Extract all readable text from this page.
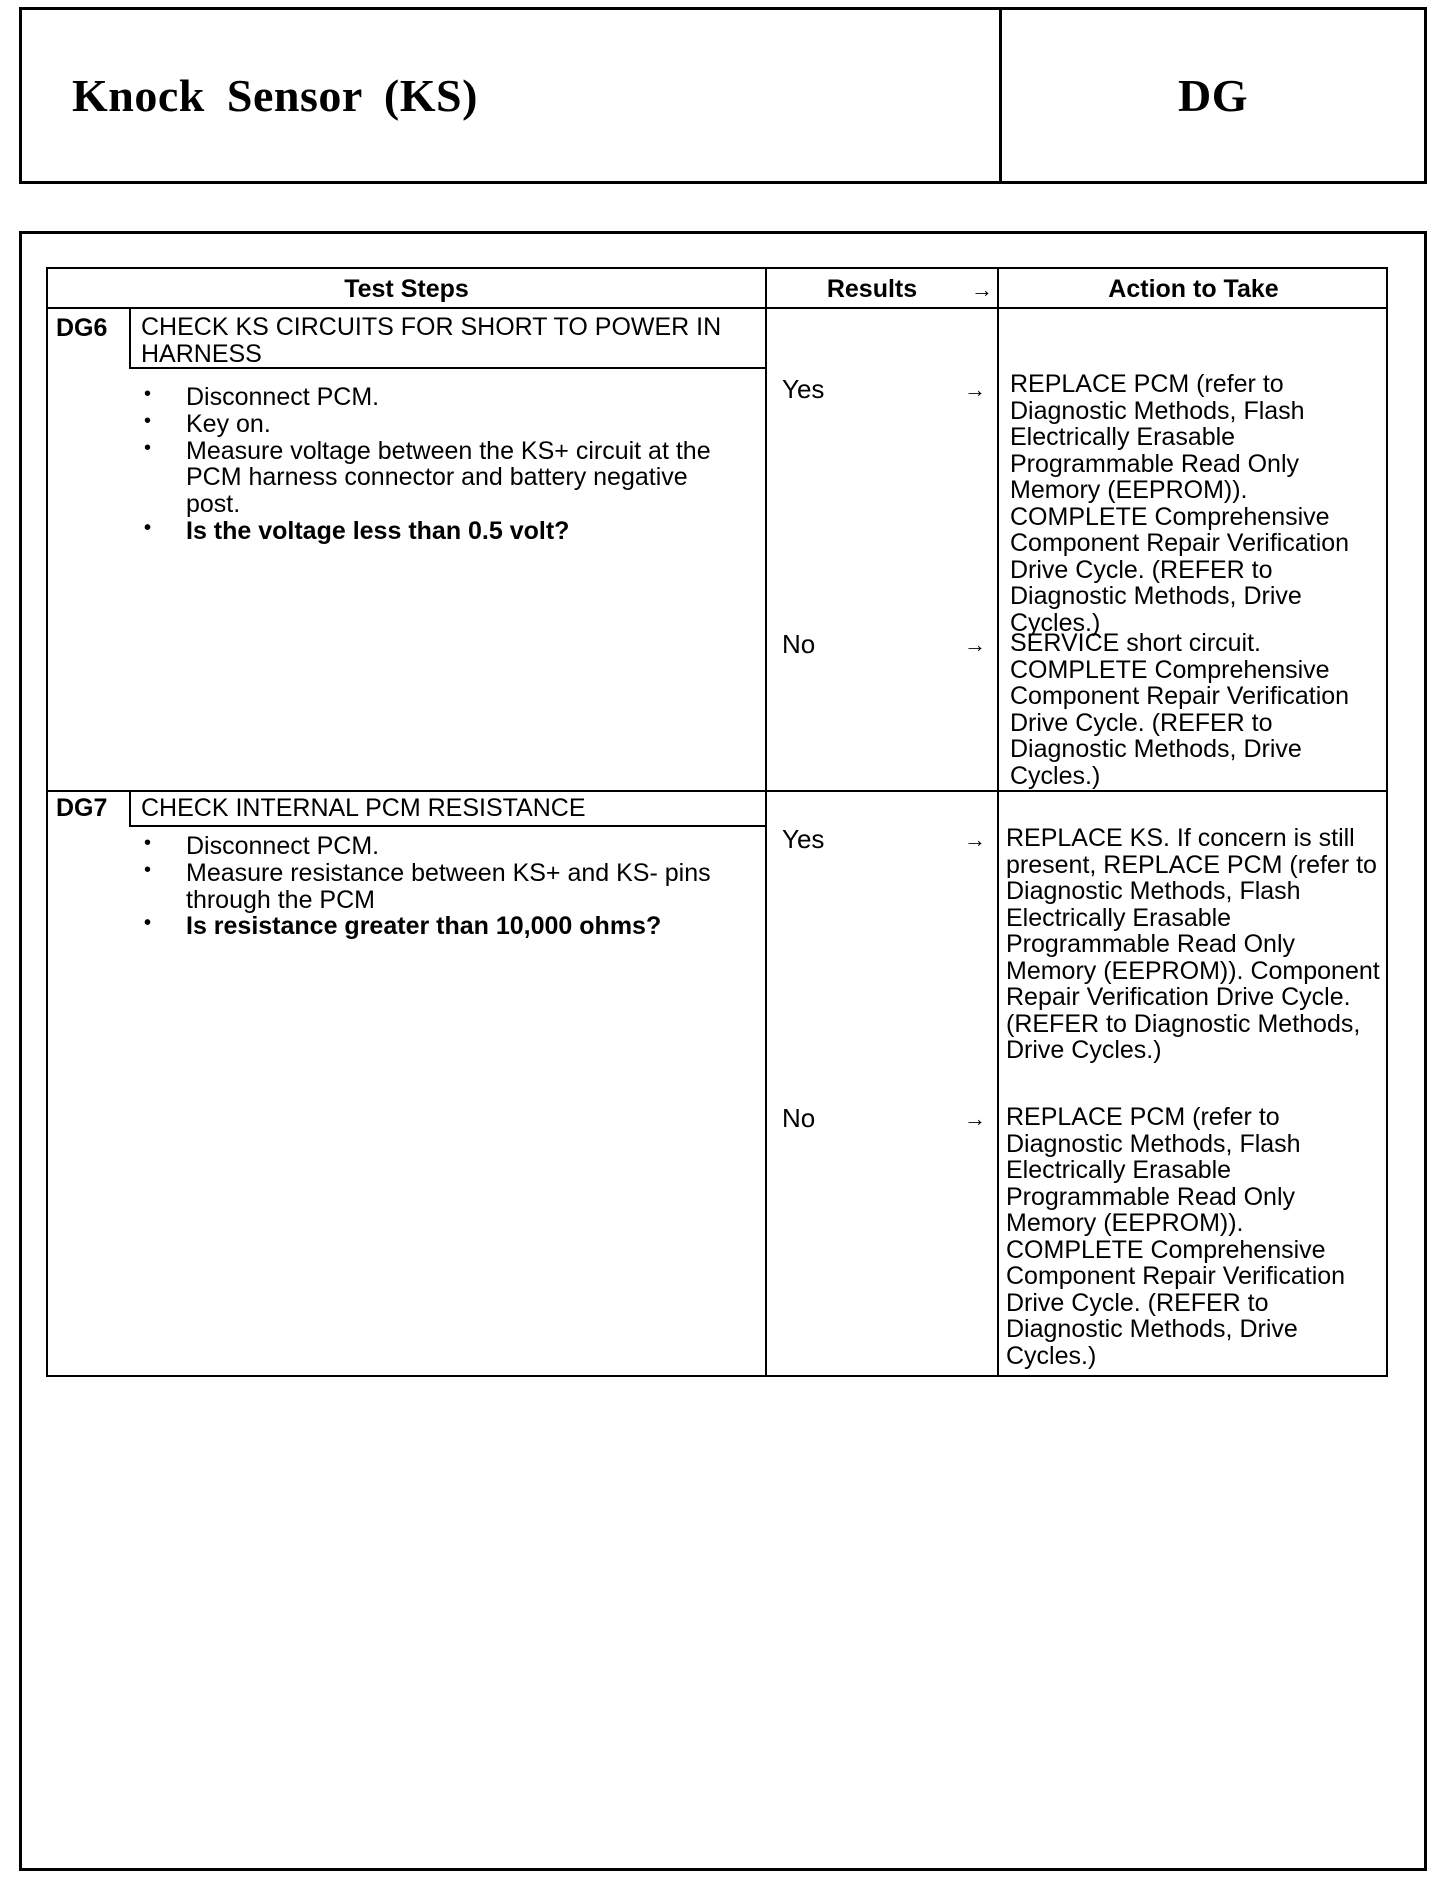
Knock Sensor (KS)	DG
Test Steps	Results →	Action to Take
DG6 CHECK KS CIRCUITS FOR SHORT TO POWER IN HARNESS
• Disconnect PCM.
• Key on.
• Measure voltage between the KS+ circuit at the PCM harness connector and battery negative post.
• Is the voltage less than 0.5 volt?
Yes	→ REPLACE PCM (refer to Diagnostic Methods, Flash Electrically Erasable Programmable Read Only Memory (EEPROM)). COMPLETE Comprehensive Component Repair Verification Drive Cycle. (REFER to Diagnostic Methods, Drive Cycles.)
No	→ SERVICE short circuit. COMPLETE Comprehensive Component Repair Verification Drive Cycle. (REFER to Diagnostic Methods, Drive Cycles.)
DG7 CHECK INTERNAL PCM RESISTANCE
• Disconnect PCM.
• Measure resistance between KS+ and KS- pins through the PCM
• Is resistance greater than 10,000 ohms?
Yes	→ REPLACE KS. If concern is still present, REPLACE PCM (refer to Diagnostic Methods, Flash Electrically Erasable Programmable Read Only Memory (EEPROM)). Component Repair Verification Drive Cycle. (REFER to Diagnostic Methods, Drive Cycles.)
No	→ REPLACE PCM (refer to Diagnostic Methods, Flash Electrically Erasable Programmable Read Only Memory (EEPROM)). COMPLETE Comprehensive Component Repair Verification Drive Cycle. (REFER to Diagnostic Methods, Drive Cycles.)
